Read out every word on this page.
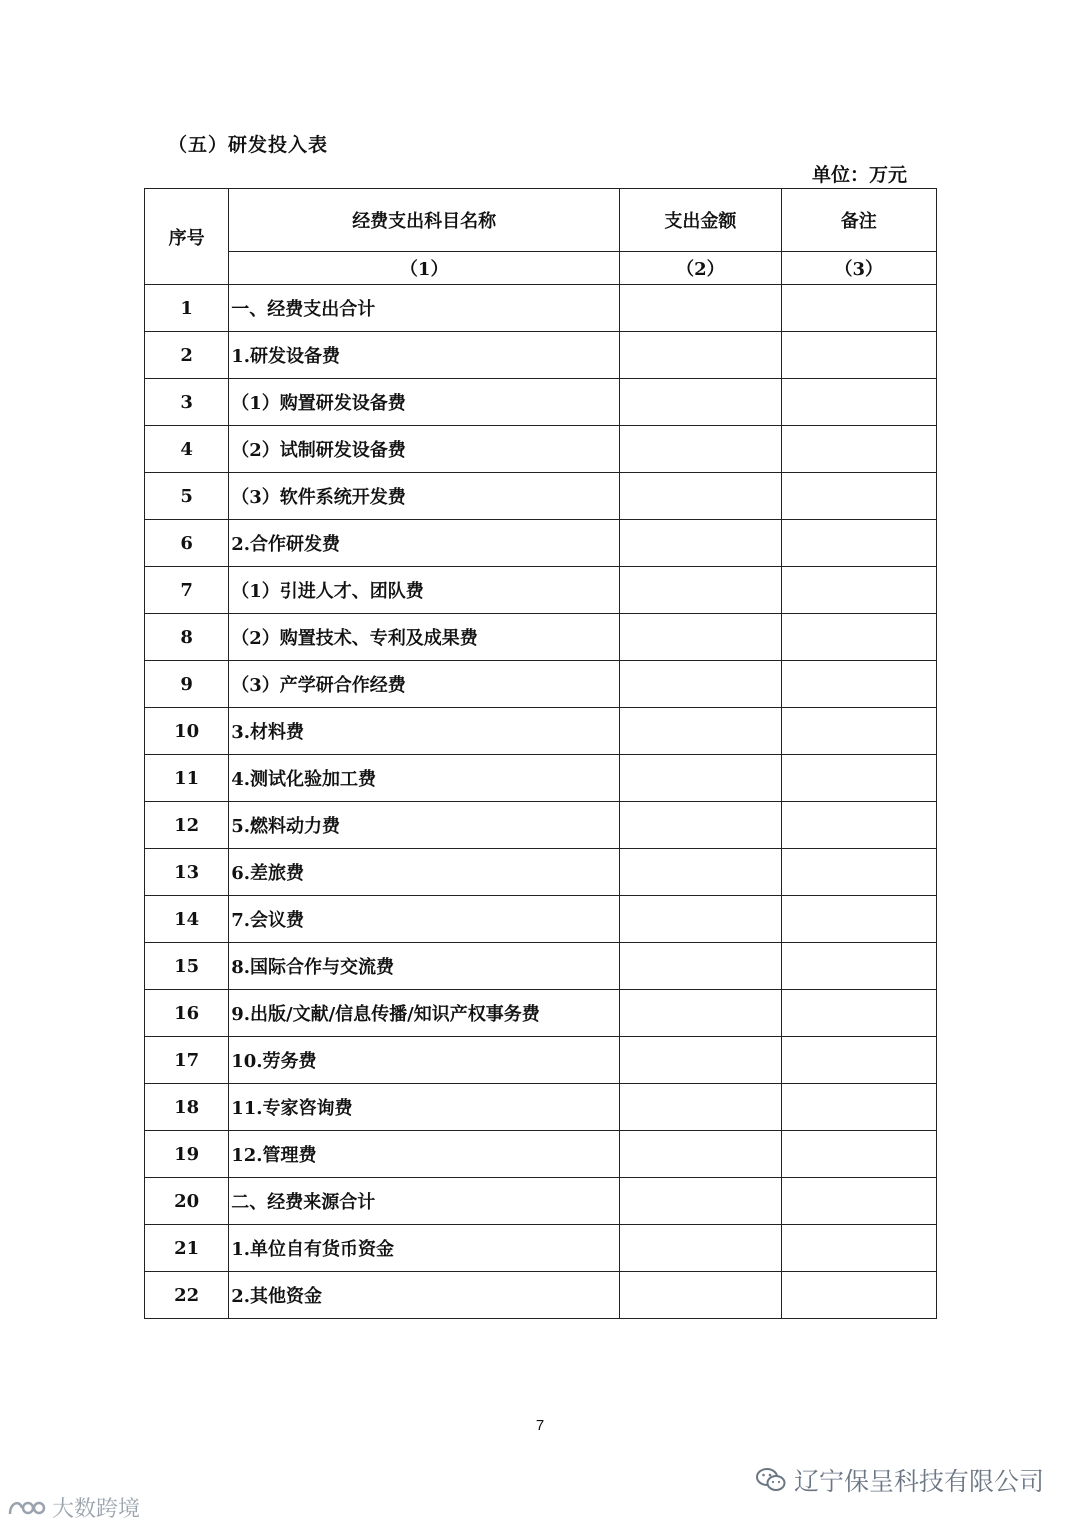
（五）研发投入表
单位：万元
序号	经费支出科目名称	支出金额	备注
	（1）	（2）	（3）
1	一、经费支出合计		
2	1.研发设备费		
3	（1）购置研发设备费		
4	（2）试制研发设备费		
5	（3）软件系统开发费		
6	2.合作研发费		
7	（1）引进人才、团队费		
8	（2）购置技术、专利及成果费		
9	（3）产学研合作经费		
10	3.材料费		
11	4.测试化验加工费		
12	5.燃料动力费		
13	6.差旅费		
14	7.会议费		
15	8.国际合作与交流费		
16	9.出版/文献/信息传播/知识产权事务费		
17	10.劳务费		
18	11.专家咨询费		
19	12.管理费		
20	二、经费来源合计		
21	1.单位自有货币资金		
22	2.其他资金		
7
辽宁保呈科技有限公司
大数跨境
